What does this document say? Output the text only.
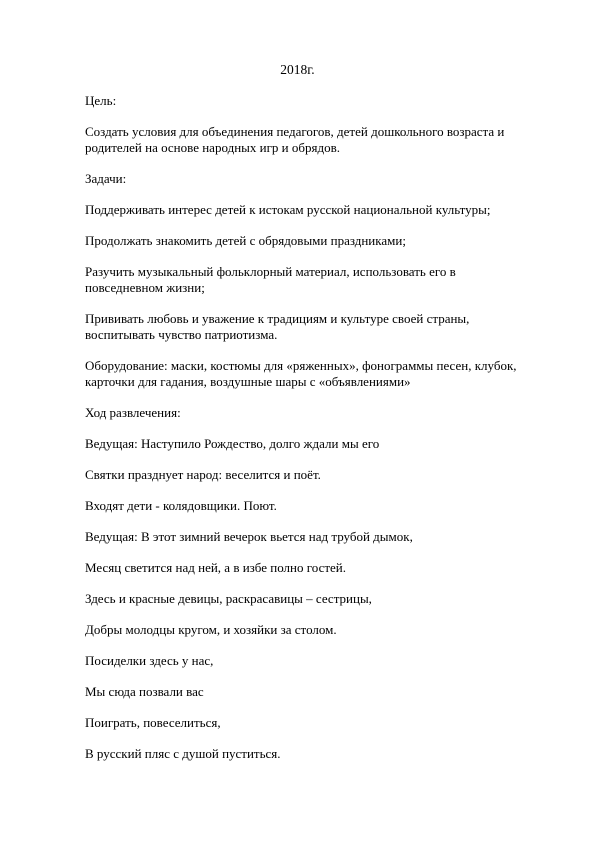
2018г.

Цель:

Создать условия для объединения педагогов, детей дошкольного возраста и
родителей на основе народных игр и обрядов.

Задачи:

Поддерживать интерес детей к истокам русской национальной культуры;

Продолжать знакомить детей с обрядовыми праздниками;

Разучить музыкальный фольклорный материал, использовать его в
повседневном жизни;

Прививать любовь и уважение к традициям и культуре своей страны,
воспитывать чувство патриотизма.

Оборудование: маски, костюмы для «ряженных», фонограммы песен, клубок,
карточки для гадания, воздушные шары с «объявлениями»

Ход развлечения:

Ведущая: Наступило Рождество, долго ждали мы его

Святки празднует народ: веселится и поёт.

Входят дети - колядовщики. Поют.

Ведущая: В этот зимний вечерок вьется над трубой дымок,

Месяц светится над ней, а в избе полно гостей.

Здесь и красные девицы, раскрасавицы – сестрицы,

Добры молодцы кругом, и хозяйки за столом.

Посиделки здесь у нас,

Мы сюда позвали вас

Поиграть, повеселиться,

В русский пляс с душой пуститься.
